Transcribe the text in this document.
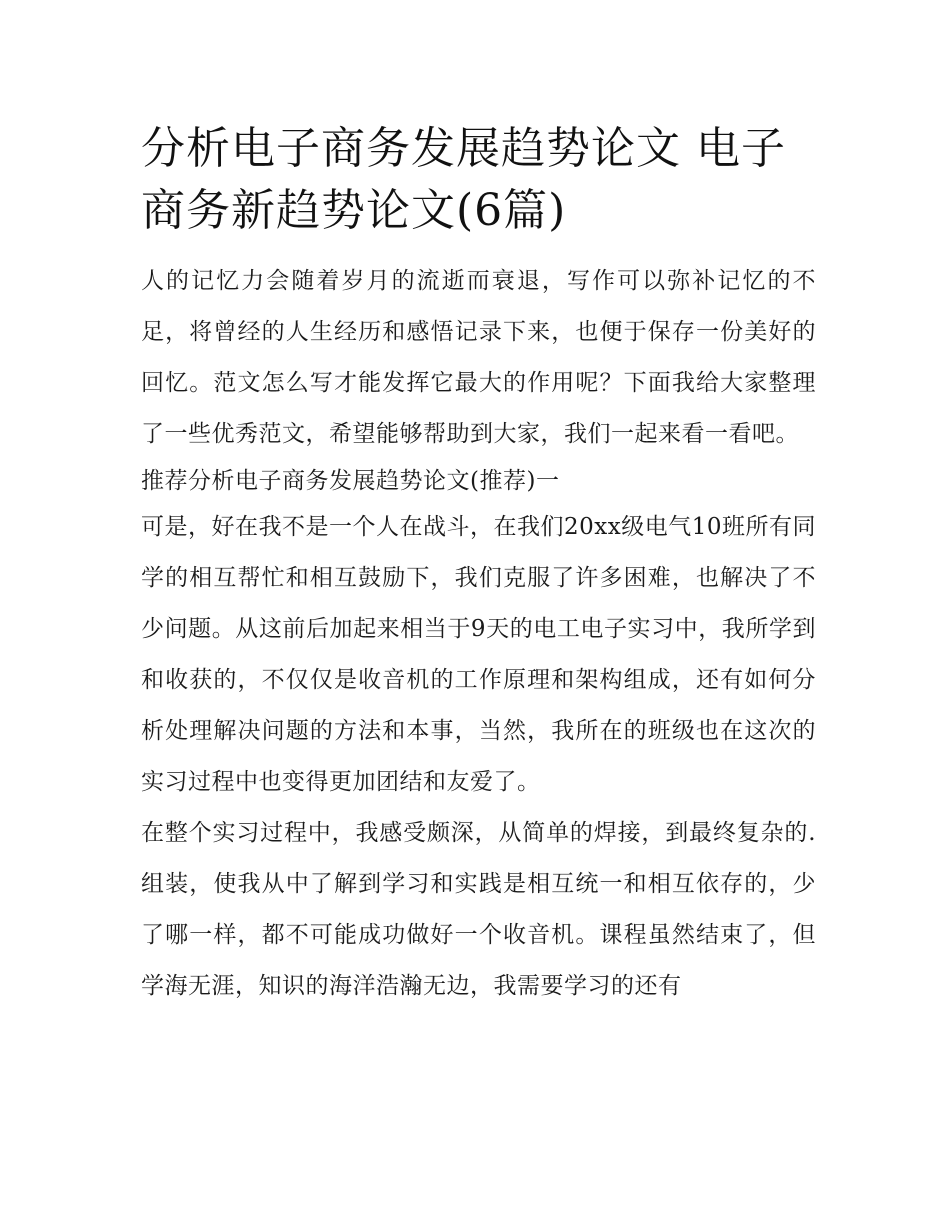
分析电子商务发展趋势论文 电子商务新趋势论文(6篇)

人的记忆力会随着岁月的流逝而衰退，写作可以弥补记忆的不足，将曾经的人生经历和感悟记录下来，也便于保存一份美好的回忆。范文怎么写才能发挥它最大的作用呢？下面我给大家整理了一些优秀范文，希望能够帮助到大家，我们一起来看一看吧。

推荐分析电子商务发展趋势论文(推荐)一

可是，好在我不是一个人在战斗，在我们20xx级电气10班所有同学的相互帮忙和相互鼓励下，我们克服了许多困难，也解决了不少问题。从这前后加起来相当于9天的电工电子实习中，我所学到和收获的，不仅仅是收音机的工作原理和架构组成，还有如何分析处理解决问题的方法和本事，当然，我所在的班级也在这次的实习过程中也变得更加团结和友爱了。

在整个实习过程中，我感受颇深，从简单的焊接，到最终复杂的.组装，使我从中了解到学习和实践是相互统一和相互依存的，少了哪一样，都不可能成功做好一个收音机。课程虽然结束了，但学海无涯，知识的海洋浩瀚无边，我需要学习的还有
